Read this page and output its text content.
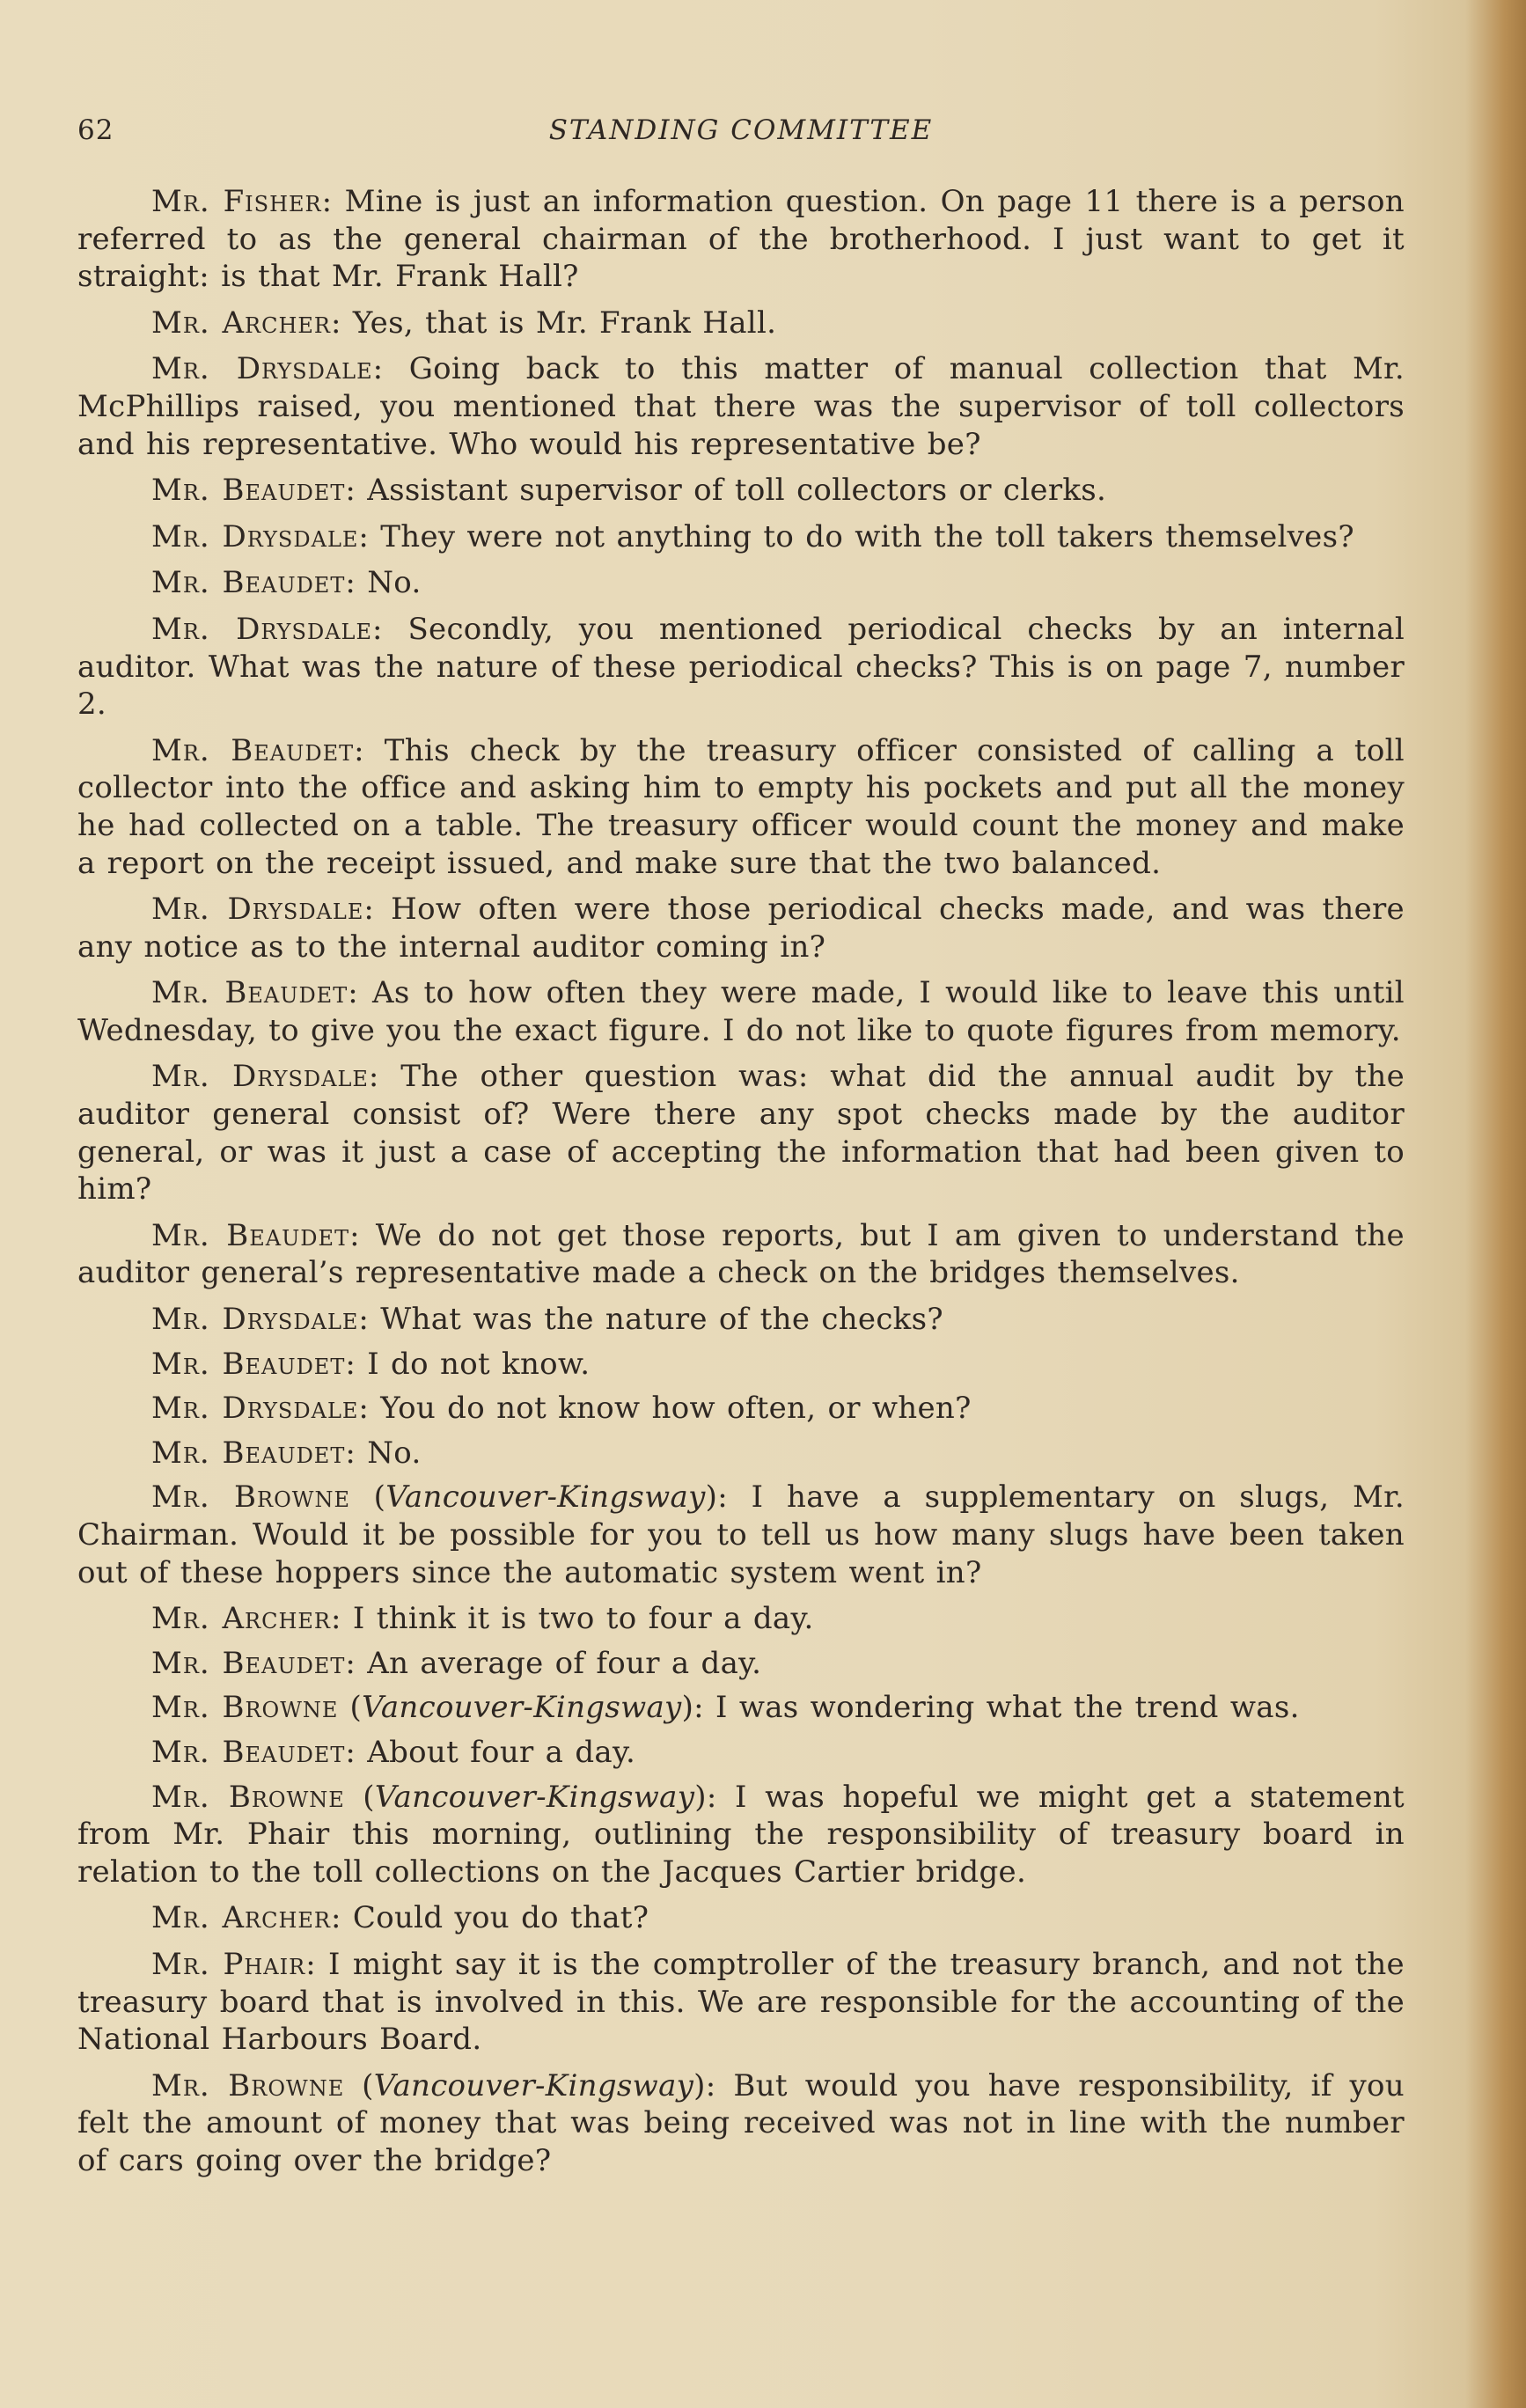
62	STANDING COMMITTEE

Mr. Fisher: Mine is just an information question. On page 11 there is a person referred to as the general chairman of the brotherhood. I just want to get it straight: is that Mr. Frank Hall?

Mr. Archer: Yes, that is Mr. Frank Hall.

Mr. Drysdale: Going back to this matter of manual collection that Mr. McPhillips raised, you mentioned that there was the supervisor of toll collectors and his representative. Who would his representative be?

Mr. Beaudet: Assistant supervisor of toll collectors or clerks.

Mr. Drysdale: They were not anything to do with the toll takers themselves?

Mr. Beaudet: No.

Mr. Drysdale: Secondly, you mentioned periodical checks by an internal auditor. What was the nature of these periodical checks? This is on page 7, number 2.

Mr. Beaudet: This check by the treasury officer consisted of calling a toll collector into the office and asking him to empty his pockets and put all the money he had collected on a table. The treasury officer would count the money and make a report on the receipt issued, and make sure that the two balanced.

Mr. Drysdale: How often were those periodical checks made, and was there any notice as to the internal auditor coming in?

Mr. Beaudet: As to how often they were made, I would like to leave this until Wednesday, to give you the exact figure. I do not like to quote figures from memory.

Mr. Drysdale: The other question was: what did the annual audit by the auditor general consist of? Were there any spot checks made by the auditor general, or was it just a case of accepting the information that had been given to him?

Mr. Beaudet: We do not get those reports, but I am given to understand the auditor general’s representative made a check on the bridges themselves.

Mr. Drysdale: What was the nature of the checks?

Mr. Beaudet: I do not know.

Mr. Drysdale: You do not know how often, or when?

Mr. Beaudet: No.

Mr. Browne (Vancouver-Kingsway): I have a supplementary on slugs, Mr. Chairman. Would it be possible for you to tell us how many slugs have been taken out of these hoppers since the automatic system went in?

Mr. Archer: I think it is two to four a day.

Mr. Beaudet: An average of four a day.

Mr. Browne (Vancouver-Kingsway): I was wondering what the trend was.

Mr. Beaudet: About four a day.

Mr. Browne (Vancouver-Kingsway): I was hopeful we might get a statement from Mr. Phair this morning, outlining the responsibility of treasury board in relation to the toll collections on the Jacques Cartier bridge.

Mr. Archer: Could you do that?

Mr. Phair: I might say it is the comptroller of the treasury branch, and not the treasury board that is involved in this. We are responsible for the accounting of the National Harbours Board.

Mr. Browne (Vancouver-Kingsway): But would you have responsibility, if you felt the amount of money that was being received was not in line with the number of cars going over the bridge?
